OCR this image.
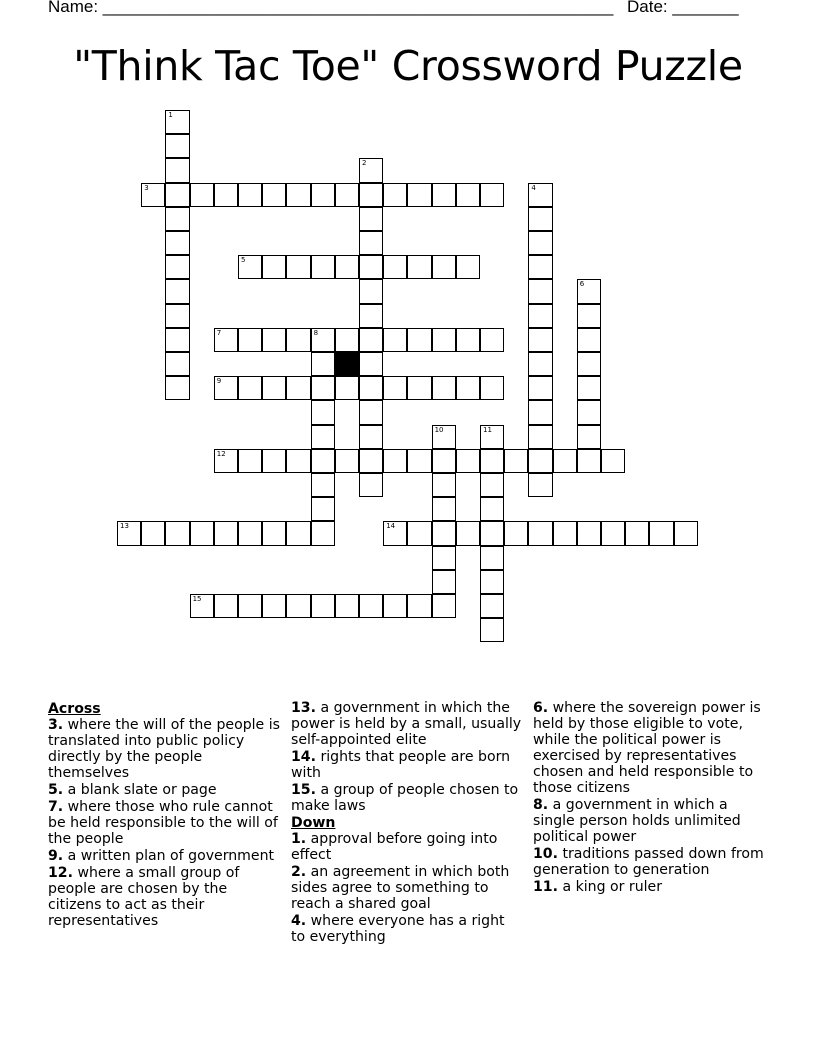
Name: ______________________________________________________ Date: _______
"Think Tac Toe" Crossword Puzzle
1
2
3	4
5
6
7	8
9
10	11
12
13	14
15
Across
3. where the will of the people is translated into public policy directly by the people themselves
5. a blank slate or page
7. where those who rule cannot be held responsible to the will of the people
9. a written plan of government
12. where a small group of people are chosen by the citizens to act as their representatives
13. a government in which the power is held by a small, usually self-appointed elite
14. rights that people are born with
15. a group of people chosen to make laws
Down
1. approval before going into effect
2. an agreement in which both sides agree to something to reach a shared goal
4. where everyone has a right to everything
6. where the sovereign power is held by those eligible to vote, while the political power is exercised by representatives chosen and held responsible to those citizens
8. a government in which a single person holds unlimited political power
10. traditions passed down from generation to generation
11. a king or ruler
